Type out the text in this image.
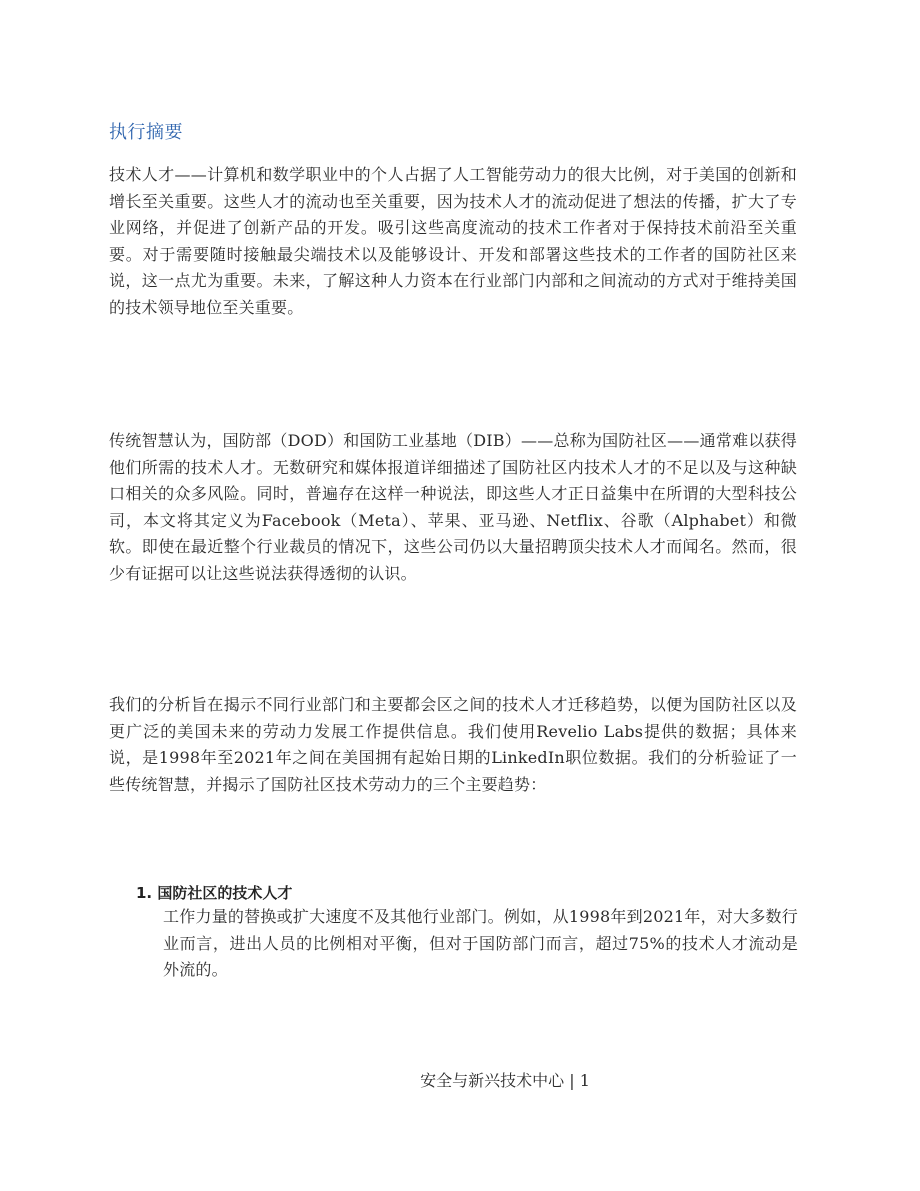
执行摘要

技术人才——计算机和数学职业中的个人占据了人工智能劳动力的很大比例，对于美国的创新和增长至关重要。这些人才的流动也至关重要，因为技术人才的流动促进了想法的传播，扩大了专业网络，并促进了创新产品的开发。吸引这些高度流动的技术工作者对于保持技术前沿至关重要。对于需要随时接触最尖端技术以及能够设计、开发和部署这些技术的工作者的国防社区来说，这一点尤为重要。未来，了解这种人力资本在行业部门内部和之间流动的方式对于维持美国的技术领导地位至关重要。

传统智慧认为，国防部（DOD）和国防工业基地（DIB）——总称为国防社区——通常难以获得他们所需的技术人才。无数研究和媒体报道详细描述了国防社区内技术人才的不足以及与这种缺口相关的众多风险。同时，普遍存在这样一种说法，即这些人才正日益集中在所谓的大型科技公司，本文将其定义为Facebook（Meta）、苹果、亚马逊、Netflix、谷歌（Alphabet）和微软。即使在最近整个行业裁员的情况下，这些公司仍以大量招聘顶尖技术人才而闻名。然而，很少有证据可以让这些说法获得透彻的认识。

我们的分析旨在揭示不同行业部门和主要都会区之间的技术人才迁移趋势，以便为国防社区以及更广泛的美国未来的劳动力发展工作提供信息。我们使用Revelio Labs提供的数据；具体来说，是1998年至2021年之间在美国拥有起始日期的LinkedIn职位数据。我们的分析验证了一些传统智慧，并揭示了国防社区技术劳动力的三个主要趋势：

1. 国防社区的技术人才
工作力量的替换或扩大速度不及其他行业部门。例如，从1998年到2021年，对大多数行业而言，进出人员的比例相对平衡，但对于国防部门而言，超过75%的技术人才流动是外流的。
安全与新兴技术中心 | 1
